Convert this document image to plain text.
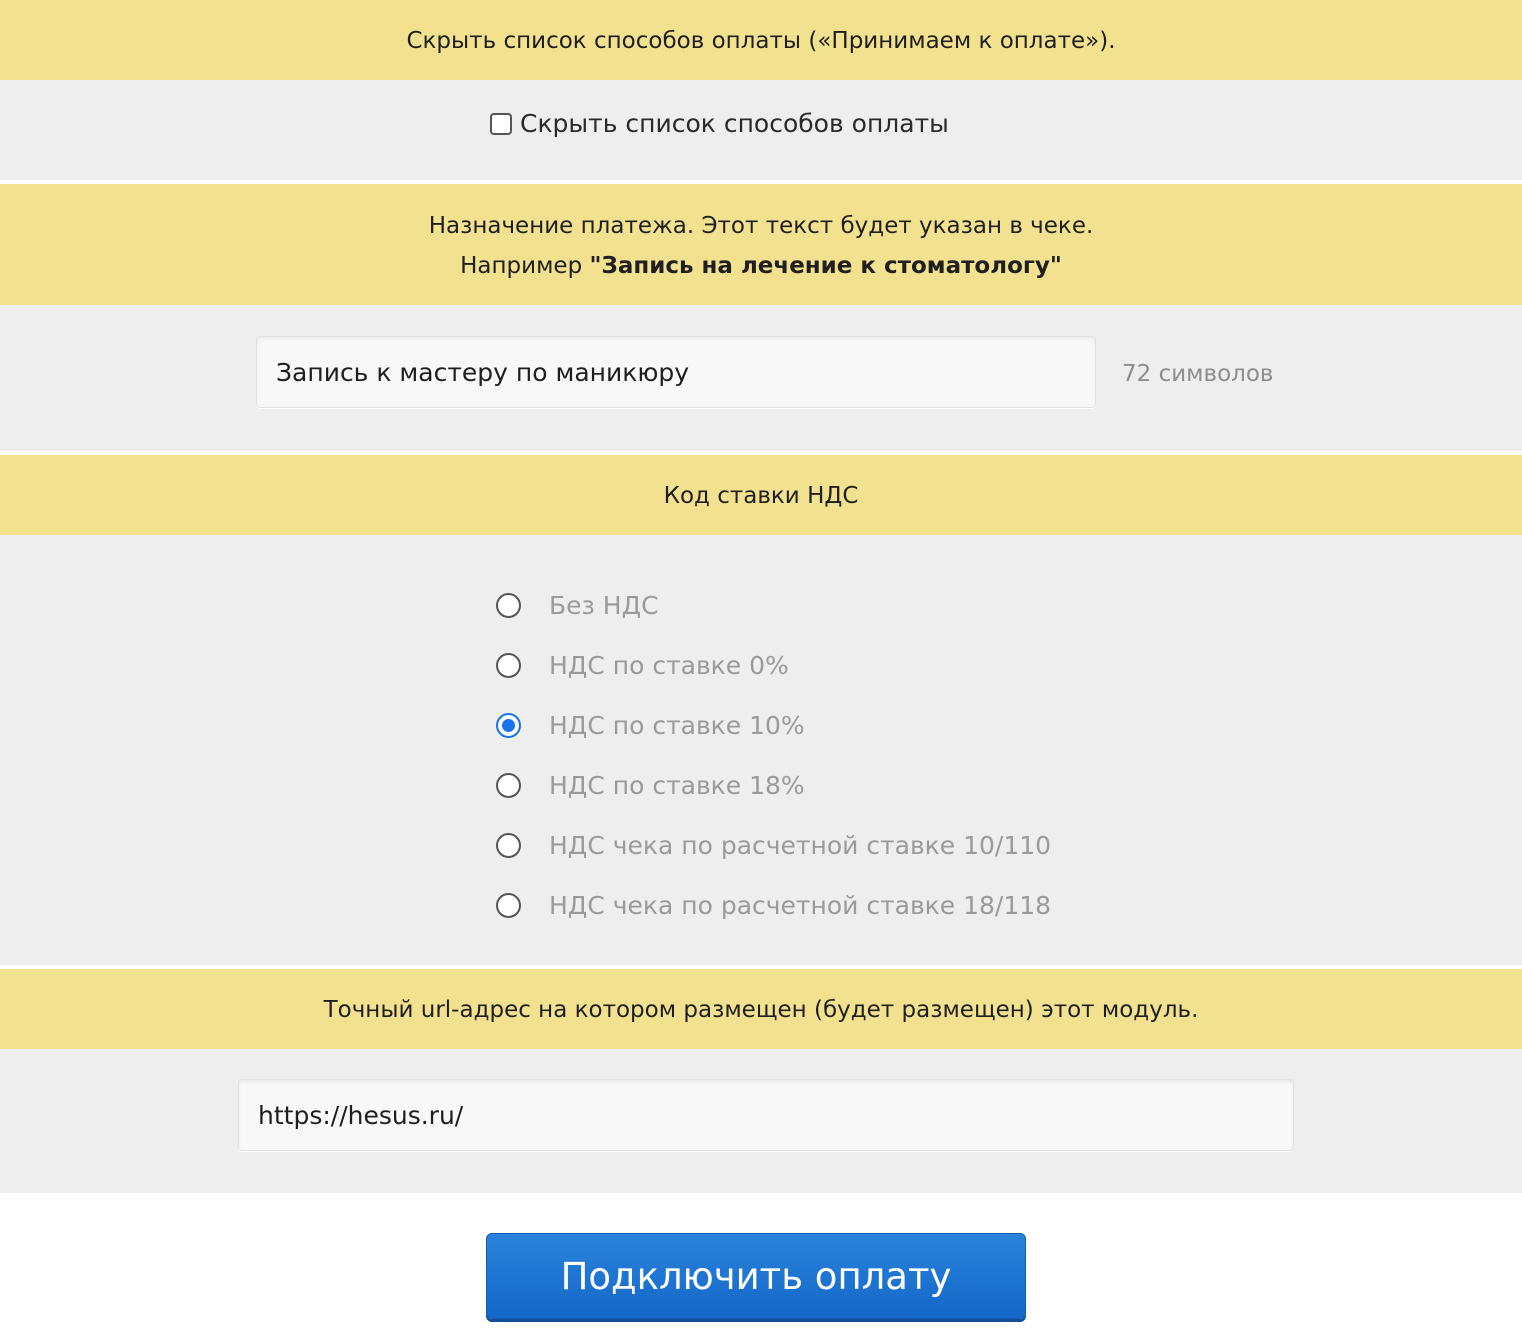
Скрыть список способов оплаты («Принимаем к оплате»).
Скрыть список способов оплаты
Назначение платежа. Этот текст будет указан в чеке.
Например "Запись на лечение к стоматологу"
Запись к мастеру по маникюру	72 символов
Код ставки НДС
Без НДС
НДС по ставке 0%
НДС по ставке 10%
НДС по ставке 18%
НДС чека по расчетной ставке 10/110
НДС чека по расчетной ставке 18/118
Точный url-адрес на котором размещен (будет размещен) этот модуль.
https://hesus.ru/
Подключить оплату
